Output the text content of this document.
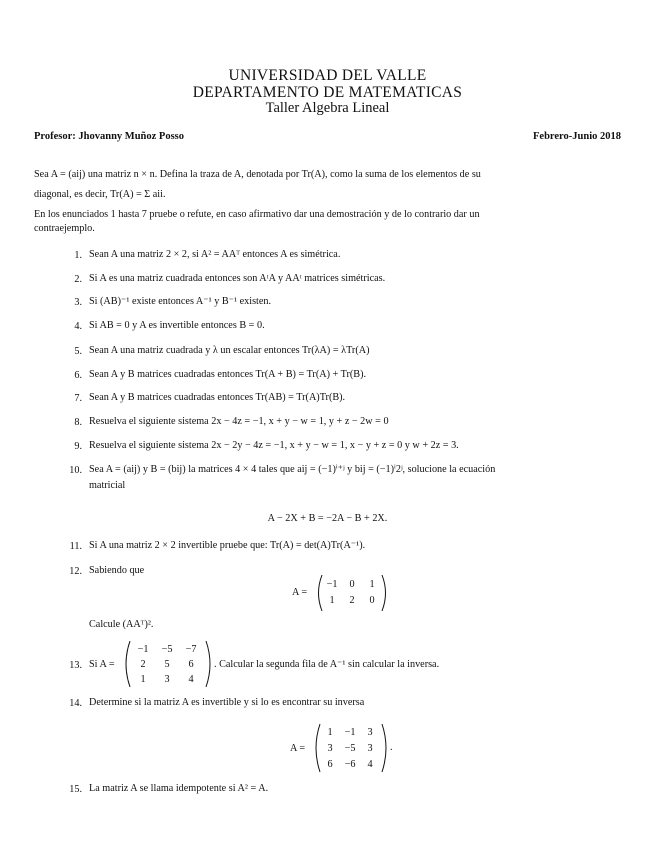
UNIVERSIDAD DEL VALLE
DEPARTAMENTO DE MATEMATICAS
Taller Algebra Lineal
Profesor: Jhovanny Muñoz Posso	Febrero-Junio 2018
Sea A = (aij) una matriz n × n. Defina la traza de A, denotada por Tr(A), como la suma de los elementos de su
diagonal, es decir, Tr(A) = Σ aii.
En los enunciados 1 hasta 7 pruebe o refute, en caso afirmativo dar una demostración y de lo contrario dar un
contraejemplo.
1. Sean A una matriz 2 × 2, si A² = AAᵀ entonces A es simétrica.
2. Si A es una matriz cuadrada entonces son AᵗA y AAᵗ matrices simétricas.
3. Si (AB)⁻¹ existe entonces A⁻¹ y B⁻¹ existen.
4. Si AB = 0 y A es invertible entonces B = 0.
5. Sean A una matriz cuadrada y λ un escalar entonces Tr(λA) = λTr(A)
6. Sean A y B matrices cuadradas entonces Tr(A + B) = Tr(A) + Tr(B).
7. Sean A y B matrices cuadradas entonces Tr(AB) = Tr(A)Tr(B).
8. Resuelva el siguiente sistema 2x − 4z = −1, x + y − w = 1, y + z − 2w = 0
9. Resuelva el siguiente sistema 2x − 2y − 4z = −1, x + y − w = 1, x − y + z = 0 y w + 2z = 3.
10. Sea A = (aij) y B = (bij) la matrices 4 × 4 tales que aij = (−1)ⁱ⁺ʲ y bij = (−1)ⁱ2ʲ, solucione la ecuación
matricial
A − 2X + B = −2A − B + 2X.
11. Si A una matriz 2 × 2 invertible pruebe que: Tr(A) = det(A)Tr(A⁻¹).
12. Sabiendo que
A =
−1	0	1
1	2	0
Calcule (AAᵀ)².
13. Si A =
−1	−5	−7
2	5	6
1	3	4
. Calcular la segunda fila de A⁻¹ sin calcular la inversa.
14. Determine si la matriz A es invertible y si lo es encontrar su inversa
A =
1	−1	3
3	−5	3
6	−6	4
.
15. La matriz A se llama idempotente si A² = A.
